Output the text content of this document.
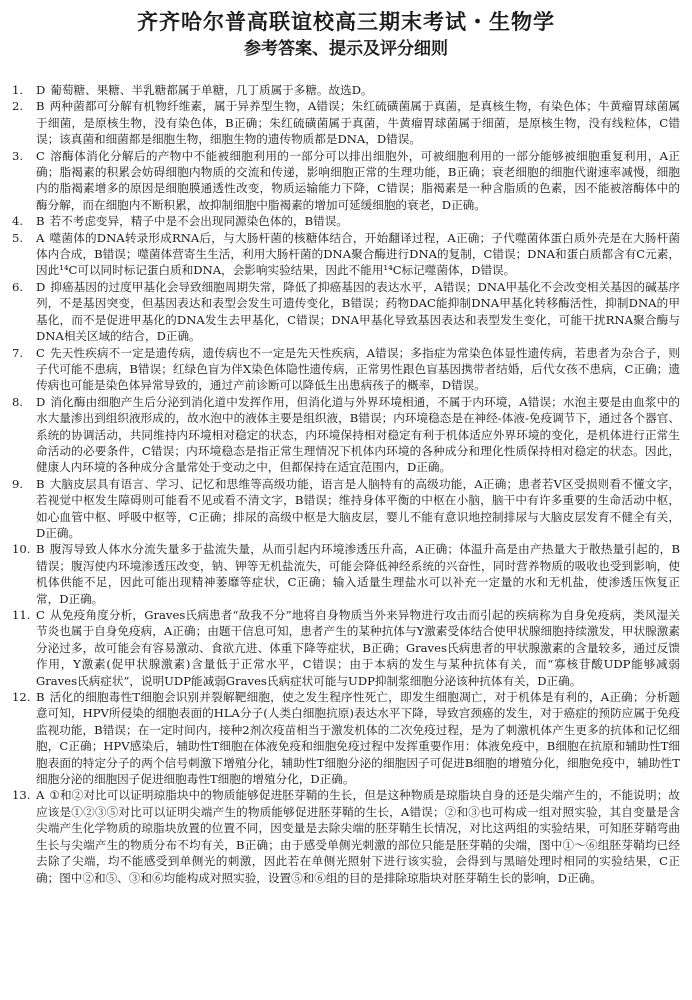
齐齐哈尔普高联谊校高三期末考试・生物学
参考答案、提示及评分细则
1. D 葡萄糖、果糖、半乳糖都属于单糖，几丁质属于多糖。故选D。
2. B 两种菌都可分解有机物纤维素，属于异养型生物，A错误；朱红硫磺菌属于真菌，是真核生物，有染色体；牛黄瘤胃球菌属于细菌，是原核生物，没有染色体，B正确；朱红硫磺菌属于真菌，牛黄瘤胃球菌属于细菌，是原核生物，没有线粒体，C错误；该真菌和细菌都是细胞生物，细胞生物的遗传物质都是DNA，D错误。
3. C 溶酶体消化分解后的产物中不能被细胞利用的一部分可以排出细胞外，可被细胞利用的一部分能够被细胞重复利用，A正确；脂褐素的积累会妨碍细胞内物质的交流和传递，影响细胞正常的生理功能，B正确；衰老细胞的细胞代谢速率减慢，细胞内的脂褐素增多的原因是细胞膜通透性改变，物质运输能力下降，C错误；脂褐素是一种含脂质的色素，因不能被溶酶体中的酶分解，而在细胞内不断积累，故抑制细胞中脂褐素的增加可延缓细胞的衰老，D正确。
4. B 若不考虑变异，精子中是不会出现同源染色体的，B错误。
5. A 噬菌体的DNA转录形成RNA后，与大肠杆菌的核糖体结合，开始翻译过程，A正确；子代噬菌体蛋白质外壳是在大肠杆菌体内合成，B错误；噬菌体营寄生生活，利用大肠杆菌的DNA聚合酶进行DNA的复制，C错误；DNA和蛋白质都含有C元素，因此¹⁴C可以同时标记蛋白质和DNA，会影响实验结果，因此不能用¹⁴C标记噬菌体，D错误。
6. D 抑癌基因的过度甲基化会导致细胞周期失常，降低了抑癌基因的表达水平，A错误；DNA甲基化不会改变相关基因的碱基序列，不是基因突变，但基因表达和表型会发生可遗传变化，B错误；药物DAC能抑制DNA甲基化转移酶活性，抑制DNA的甲基化，而不是促进甲基化的DNA发生去甲基化，C错误；DNA甲基化导致基因表达和表型发生变化，可能干扰RNA聚合酶与DNA相关区域的结合，D正确。
7. C 先天性疾病不一定是遗传病，遗传病也不一定是先天性疾病，A错误；多指症为常染色体显性遗传病，若患者为杂合子，则子代可能不患病，B错误；红绿色盲为伴X染色体隐性遗传病，正常男性跟色盲基因携带者结婚，后代女孩不患病，C正确；遗传病也可能是染色体异常导致的，通过产前诊断可以降低生出患病孩子的概率，D错误。
8. D 消化酶由细胞产生后分泌到消化道中发挥作用，但消化道与外界环境相通，不属于内环境，A错误；水泡主要是由血浆中的水大量渗出到组织液形成的，故水泡中的液体主要是组织液，B错误；内环境稳态是在神经-体液-免疫调节下，通过各个器官、系统的协调活动，共同维持内环境相对稳定的状态，内环境保持相对稳定有利于机体适应外界环境的变化，是机体进行正常生命活动的必要条件，C错误；内环境稳态是指正常生理情况下机体内环境的各种成分和理化性质保持相对稳定的状态。因此，健康人内环境的各种成分含量常处于变动之中，但都保持在适宜范围内，D正确。
9. B 大脑皮层具有语言、学习、记忆和思维等高级功能，语言是人脑特有的高级功能，A正确；患者若V区受损则看不懂文字，若视觉中枢发生障碍则可能看不见或看不清文字，B错误；维持身体平衡的中枢在小脑，脑干中有许多重要的生命活动中枢，如心血管中枢、呼吸中枢等，C正确；排尿的高级中枢是大脑皮层，婴儿不能有意识地控制排尿与大脑皮层发育不健全有关，D正确。
10. B 腹泻导致人体水分流失量多于盐流失量，从而引起内环境渗透压升高，A正确；体温升高是由产热量大于散热量引起的，B错误；腹泻使内环境渗透压改变，钠、钾等无机盐流失，可能会降低神经系统的兴奋性，同时营养物质的吸收也受到影响，使机体供能不足，因此可能出现精神萎靡等症状，C正确；输入适量生理盐水可以补充一定量的水和无机盐，使渗透压恢复正常，D正确。
11. C 从免疫角度分析，Graves氏病患者“敌我不分”地将自身物质当外来异物进行攻击而引起的疾病称为自身免疫病，类风湿关节炎也属于自身免疫病，A正确；由题干信息可知，患者产生的某种抗体与Y激素受体结合使甲状腺细胞持续激发，甲状腺激素分泌过多，故可能会有容易激动、食欲亢进、体重下降等症状，B正确；Graves氏病患者的甲状腺激素的含量较多，通过反馈作用，Y激素(促甲状腺激素)含量低于正常水平，C错误；由于本病的发生与某种抗体有关，而“寡核苷酸UDP能够减弱Graves氏病症状”，说明UDP能减弱Graves氏病症状可能与UDP抑制浆细胞分泌该种抗体有关，D正确。
12. B 活化的细胞毒性T细胞会识别并裂解靶细胞，使之发生程序性死亡，即发生细胞凋亡，对于机体是有利的，A正确；分析题意可知，HPV所侵染的细胞表面的HLA分子(人类白细胞抗原)表达水平下降，导致宫颈癌的发生，对于癌症的预防应属于免疫监视功能，B错误；在一定时间内，接种2剂次疫苗相当于激发机体的二次免疫过程，是为了刺激机体产生更多的抗体和记忆细胞，C正确；HPV感染后，辅助性T细胞在体液免疫和细胞免疫过程中发挥重要作用：体液免疫中，B细胞在抗原和辅助性T细胞表面的特定分子的两个信号刺激下增殖分化，辅助性T细胞分泌的细胞因子可促进B细胞的增殖分化，细胞免疫中，辅助性T细胞分泌的细胞因子促进细胞毒性T细胞的增殖分化，D正确。
13. A ①和②对比可以证明琼脂块中的物质能够促进胚芽鞘的生长，但是这种物质是琼脂块自身的还是尖端产生的，不能说明；故应该是①②③⑤对比可以证明尖端产生的物质能够促进胚芽鞘的生长，A错误；②和③也可构成一组对照实验，其自变量是含尖端产生化学物质的琼脂块放置的位置不同，因变量是去除尖端的胚芽鞘生长情况，对比这两组的实验结果，可知胚芽鞘弯曲生长与尖端产生的物质分布不均有关，B正确；由于感受单侧光刺激的部位只能是胚芽鞘的尖端，图中①～⑥组胚芽鞘均已经去除了尖端，均不能感受到单侧光的刺激，因此若在单侧光照射下进行该实验，会得到与黑暗处理时相同的实验结果，C正确；图中②和⑤、③和⑥均能构成对照实验，设置⑤和⑥组的目的是排除琼脂块对胚芽鞘生长的影响，D正确。
